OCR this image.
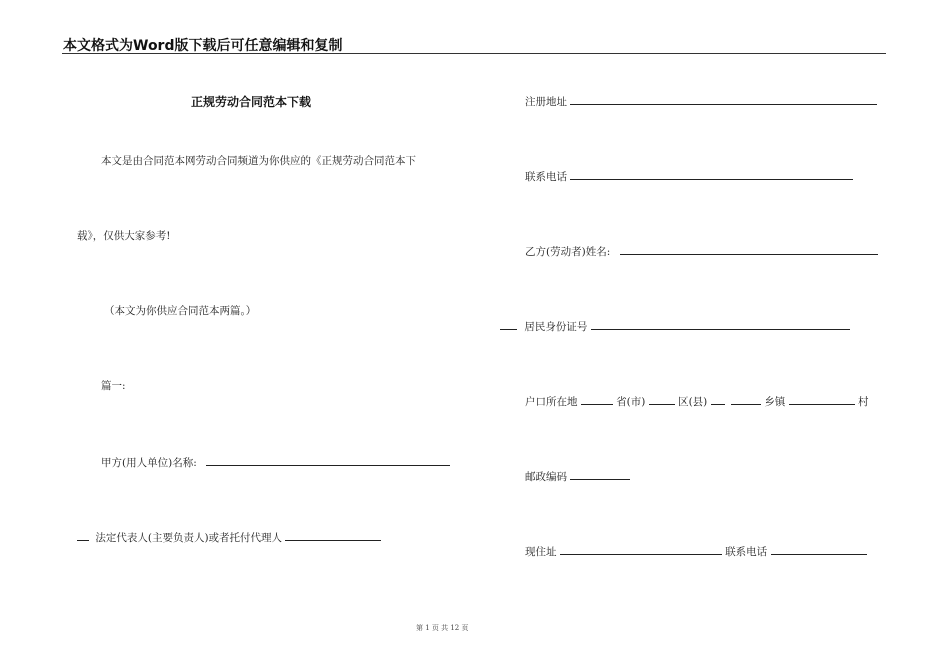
本文格式为Word版下载后可任意编辑和复制
正规劳动合同范本下载
本文是由合同范本网劳动合同频道为你供应的《正规劳动合同范本下
载》，仅供大家参考!
（本文为你供应合同范本两篇。）
篇一:
甲方(用人单位)名称:
法定代表人(主要负责人)或者托付代理人
注册地址
联系电话
乙方(劳动者)姓名:
居民身份证号
户口所在地	省(市)	区(县)	乡镇	村
邮政编码
现住址	联系电话
第 1 页 共 12 页
